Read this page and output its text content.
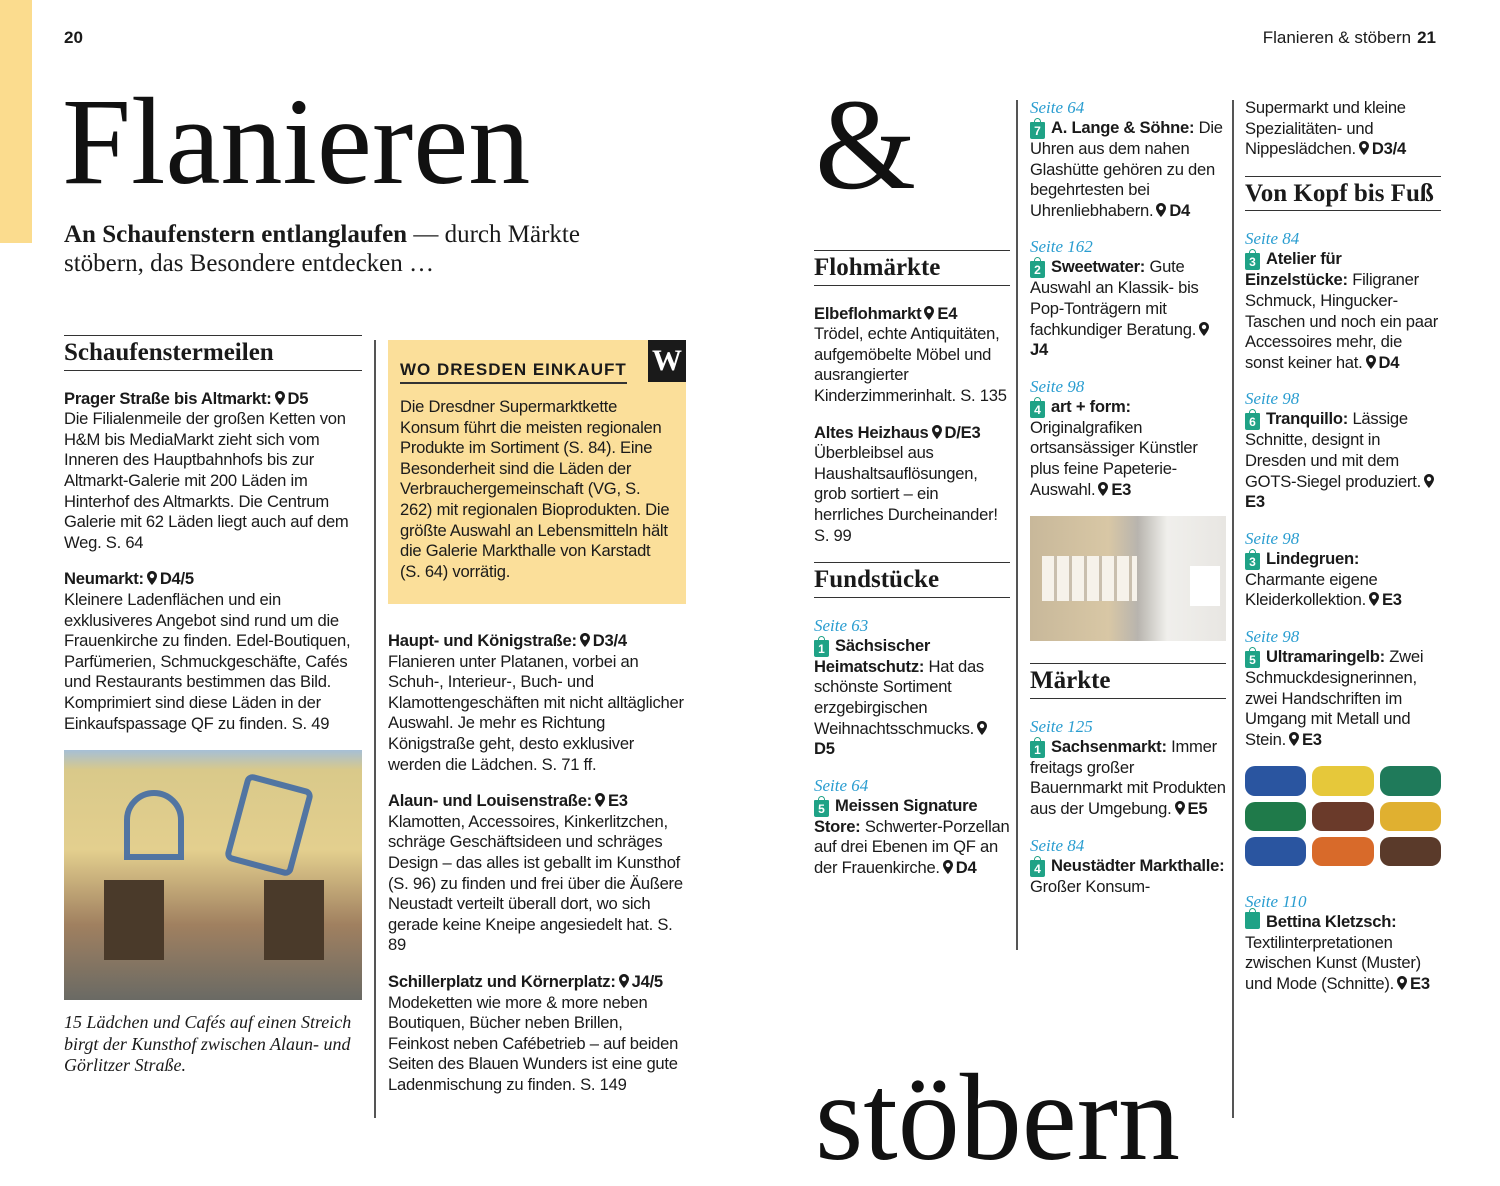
20	Flanieren & stöbern 21
Flanieren &
stöbern
An Schaufenstern entlanglaufen — durch Märkte stöbern, das Besondere entdecken …
Schaufenstermeilen
Prager Straße bis Altmarkt: D5
Die Filialenmeile der großen Ketten von H&M bis MediaMarkt zieht sich vom Inneren des Hauptbahnhofs bis zur Altmarkt-Galerie mit 200 Läden im Hinterhof des Altmarkts. Die Centrum Galerie mit 62 Läden liegt auch auf dem Weg. S. 64
Neumarkt: D4/5
Kleinere Ladenflächen und ein exklusiveres Angebot sind rund um die Frauenkirche zu finden. Edel-Boutiquen, Parfümerien, Schmuckgeschäfte, Cafés und Restaurants bestimmen das Bild. Komprimiert sind diese Läden in der Einkaufspassage QF zu finden. S. 49
15 Lädchen und Cafés auf einen Streich birgt der Kunsthof zwischen Alaun- und Görlitzer Straße.
W
WO DRESDEN EINKAUFT
Die Dresdner Supermarktkette Konsum führt die meisten regionalen Produkte im Sortiment (S. 84). Eine Besonderheit sind die Läden der Verbrauchergemeinschaft (VG, S. 262) mit regionalen Bioprodukten. Die größte Auswahl an Lebensmitteln hält die Galerie Markthalle von Karstadt (S. 64) vorrätig.
Haupt- und Königstraße: D3/4
Flanieren unter Platanen, vorbei an Schuh-, Interieur-, Buch- und Klamottengeschäften mit nicht alltäglicher Auswahl. Je mehr es Richtung Königstraße geht, desto exklusiver werden die Lädchen. S. 71 ff.
Alaun- und Louisenstraße: E3
Klamotten, Accessoires, Kinkerlitzchen, schräge Geschäftsideen und schräges Design – das alles ist geballt im Kunsthof (S. 96) zu finden und frei über die Äußere Neustadt verteilt überall dort, wo sich gerade keine Kneipe angesiedelt hat. S. 89
Schillerplatz und Körnerplatz: J4/5
Modeketten wie more & more neben Boutiquen, Bücher neben Brillen, Feinkost neben Cafébetrieb – auf beiden Seiten des Blauen Wunders ist eine gute Ladenmischung zu finden. S. 149
Flohmärkte
Elbeflohmarkt E4
Trödel, echte Antiquitäten, aufgemöbelte Möbel und ausrangierter Kinderzimmerinhalt. S. 135
Altes Heizhaus D/E3
Überbleibsel aus Haushaltsauflösungen, grob sortiert – ein herrliches Durcheinander! S. 99
Fundstücke
Seite 63
1 Sächsischer Heimatschutz: Hat das schönste Sortiment erzgebirgischen Weihnachtsschmucks.D5
Seite 64
5 Meissen Signature Store: Schwerter-Porzellan auf drei Ebenen im QF an der Frauenkirche. D4
Seite 64
7 A. Lange & Söhne: Die Uhren aus dem nahen Glashütte gehören zu den begehrtesten bei Uhrenliebhabern. D4
Seite 162
2 Sweetwater: Gute Auswahl an Klassik- bis Pop-Tonträgern mit fachkundiger Beratung.J4
Seite 98
4 art + form: Originalgrafiken ortsansässiger Künstler plus feine Papeterie-Auswahl. E3
Märkte
Seite 125
1 Sachsenmarkt: Immer freitags großer Bauernmarkt mit Produkten aus der Umgebung. E5
Seite 84
4 Neustädter Markthalle: Großer Konsum-
Supermarkt und kleine Spezialitäten- und Nippeslädchen. D3/4
Von Kopf bis Fuß
Seite 84
3 Atelier für Einzelstücke: Filigraner Schmuck, Hingucker-Taschen und noch ein paar Accessoires mehr, die sonst keiner hat. D4
Seite 98
6 Tranquillo: Lässige Schnitte, designt in Dresden und mit dem GOTS-Siegel produziert.E3
Seite 98
3 Lindegruen: Charmante eigene Kleiderkollektion. E3
Seite 98
5 Ultramaringelb: Zwei Schmuckdesignerinnen, zwei Handschriften im Umgang mit Metall und Stein. E3
Seite 110
Bettina Kletzsch: Textilinterpretationen zwischen Kunst (Muster) und Mode (Schnitte). E3
